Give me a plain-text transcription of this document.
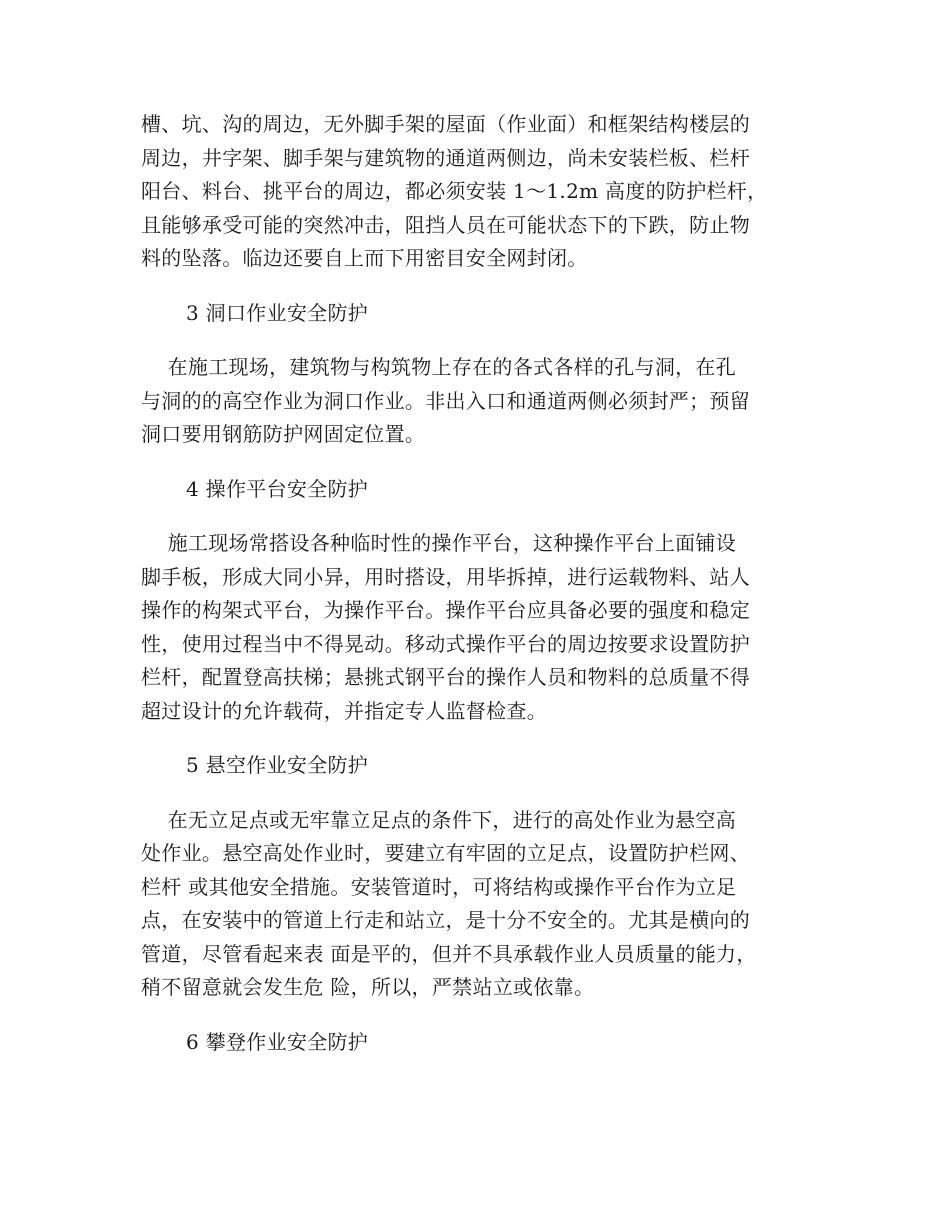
槽、坑、沟的周边，无外脚手架的屋面（作业面）和框架结构楼层的
周边，井字架、脚手架与建筑物的通道两侧边，尚未安装栏板、栏杆
阳台、料台、挑平台的周边，都必须安装 1～1.2m 高度的防护栏杆，
且能够承受可能的突然冲击，阻挡人员在可能状态下的下跌，防止物
料的坠落。临边还要自上而下用密目安全网封闭。
3 洞口作业安全防护
在施工现场，建筑物与构筑物上存在的各式各样的孔与洞，在孔
与洞的的高空作业为洞口作业。非出入口和通道两侧必须封严；预留
洞口要用钢筋防护网固定位置。
4 操作平台安全防护
施工现场常搭设各种临时性的操作平台，这种操作平台上面铺设
脚手板，形成大同小异，用时搭设，用毕拆掉，进行运载物料、站人
操作的构架式平台，为操作平台。操作平台应具备必要的强度和稳定
性，使用过程当中不得晃动。移动式操作平台的周边按要求设置防护
栏杆，配置登高扶梯；悬挑式钢平台的操作人员和物料的总质量不得
超过设计的允许载荷，并指定专人监督检查。
5 悬空作业安全防护
在无立足点或无牢靠立足点的条件下，进行的高处作业为悬空高
处作业。悬空高处作业时，要建立有牢固的立足点，设置防护栏网、
栏杆 或其他安全措施。安装管道时，可将结构或操作平台作为立足
点，在安装中的管道上行走和站立，是十分不安全的。尤其是横向的
管道，尽管看起来表 面是平的，但并不具承载作业人员质量的能力，
稍不留意就会发生危 险，所以，严禁站立或依靠。
6 攀登作业安全防护
